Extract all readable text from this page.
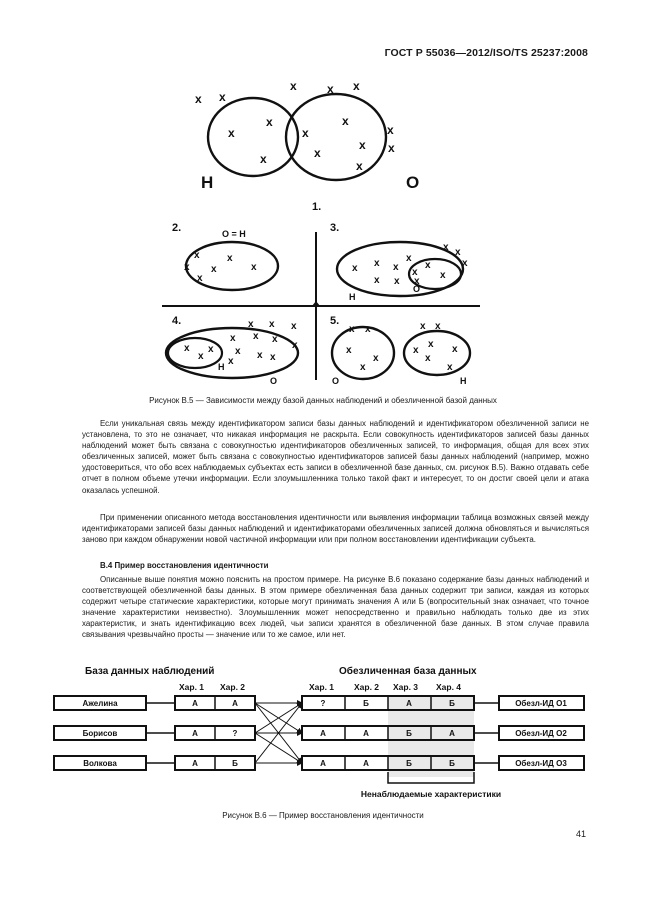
ГОСТ Р 55036—2012/ISO/TS 25237:2008
x x
x	x x
x
x
x
x
x
x
x
x
x
x
Н	О
1.
2.	О = Н
x
x x
x
x
x
3.
x x
x
x
x x
x
x x
x
x
x
x
О
Н
4.	x x x
x x x
x
x
x
x x x x
x
Н
О
5.
x x
x
x
x
x x
x
x x
x
x
О	Н
Рисунок В.5 — Зависимости между базой данных наблюдений и обезличенной базой данных

Если уникальная связь между идентификатором записи базы данных наблюдений и идентификатором обезличенной записи не установлена, то это не означает, что никакая информация не раскрыта. Если совокупность идентификаторов записей базы данных наблюдений может быть связана с совокупностью идентификаторов обезличенных записей, то информация, общая для всех этих обезличенных записей, может быть связана с совокупностью идентификаторов записей базы данных наблюдений (например, можно удостовериться, что обо всех наблюдаемых субъектах есть записи в обезличенной базе данных, см. рисунок В.5). Важно отдавать себе отчет в полном объеме утечки информации. Если злоумышленника только такой факт и интересует, то он достиг своей цели и атака оказалась успешной.

При применении описанного метода восстановления идентичности или выявления информации таблица возможных связей между идентификаторами записей базы данных наблюдений и идентификаторами обезличенных записей должна обновляться и вычисляться заново при каждом обнаружении новой частичной информации или при полном восстановлении идентификации субъекта.

В.4 Пример восстановления идентичности

Описанные выше понятия можно пояснить на простом примере. На рисунке В.6 показано содержание базы данных наблюдений и соответствующей обезличенной базы данных. В этом примере обезличенная база данных содержит три записи, каждая из которых содержит четыре статические характеристики, которые могут принимать значения А или Б (вопросительный знак означает, что точное значение характеристики неизвестно). Злоумышленник может непосредственно и правильно наблюдать только две из этих характеристик, и знать идентификацию всех людей, чьи записи хранятся в обезличенной базе данных. В этом случае правила связывания чрезвычайно просты — значение или то же самое, или нет.

База данных наблюдений	Обезличенная база данных
Хар. 1 Хар. 2	Хар. 1 Хар. 2 Хар. 3 Хар. 4
Ажелина	А	А
Борисов	А	?
Волкова	А	Б
?	Б	А	Б	Обезл-ИД О1
А	А	Б	А	Обезл-ИД О2
А	А	Б	Б	Обезл-ИД О3
Ненаблюдаемые характеристики
Рисунок В.6 — Пример восстановления идентичности
41
